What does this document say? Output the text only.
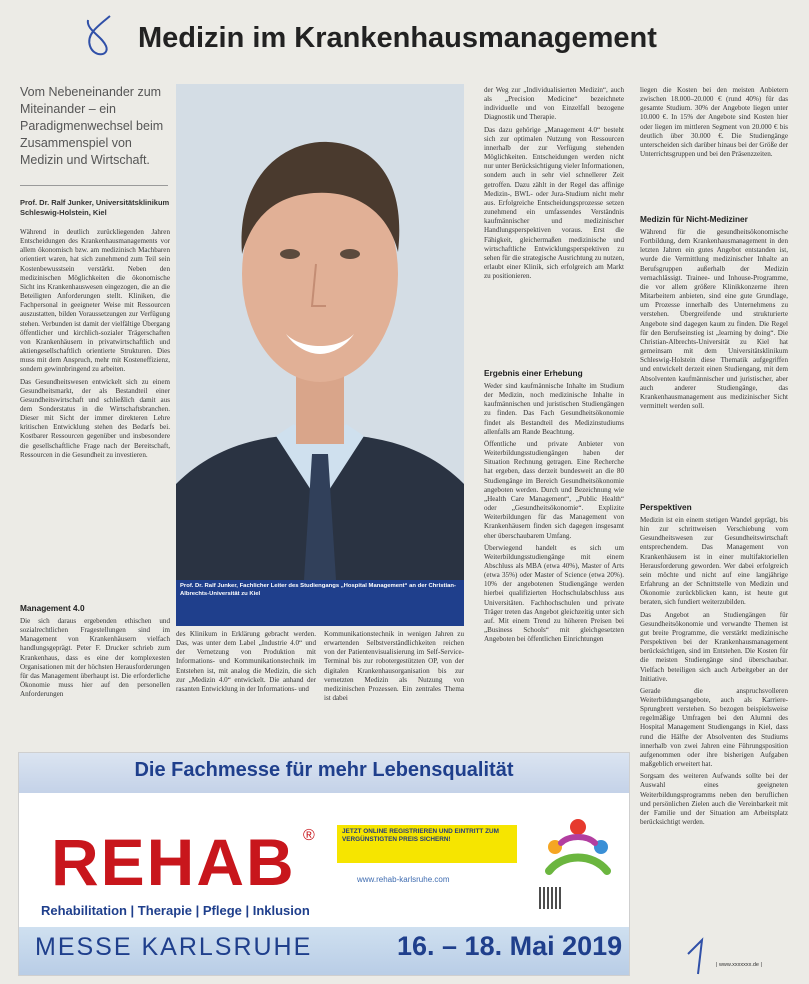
Medizin im Krankenhausmanagement
Vom Nebeneinander zum Miteinander – ein Paradigmenwechsel beim Zusammenspiel von Medizin und Wirtschaft.
Prof. Dr. Ralf Junker, Universitätsklinikum Schleswig-Holstein, Kiel

Während in deutlich zurückliegenden Jahren Entscheidungen des Krankenhausmanagements vor allem ökonomisch bzw. am medizinisch Machbaren orientiert waren, hat sich zunehmend zum Teil sein Kostenbewusstsein verstärkt. Neben den medizinischen Möglichkeiten die ökonomische Sicht ins Krankenhauswesen eingezogen, die an die Beteiligten Anforderungen stellt. Kliniken, die Fachpersonal in geeigneter Weise mit Ressourcen auszustatten, bilden Voraussetzungen zur Verfügung stehen. Verbunden ist damit der vielfältige Übergang öffentlicher und kirchlich-sozialer Trägerschaften von Krankenhäusern in privatwirtschaftlich und aktiengesellschaftlich orientierte Strukturen. Dies muss mit dem Anspruch, mehr mit Kosteneffizienz, sondern gewinnbringend zu arbeiten.

Das Gesundheitswesen entwickelt sich zu einem Gesundheitsmarkt, der als Bestandteil einer Gesundheitswirtschaft und schließlich damit aus dem Sonderstatus in die Wirtschaftsbranchen. Dieser mit Sicht der immer direkteren Lehre kritischen Entwicklung stehen des Bedarfs bei. Kostbarer Ressourcen gegenüber und insbesondere die gesellschaftliche Frage nach der Bereitschaft, Ressourcen in die Gesundheit zu investieren.

Management 4.0

Die sich daraus ergebenden ethischen und sozialrechtlichen Fragestellungen sind im Management von Krankenhäusern vielfach handlungsgeprägt. Peter F. Drucker schrieb zum Krankenhaus, dass es eine der komplexesten Organisationen mit der höchsten Herausforderungen für das Management überhaupt ist. Die erforderliche Ökonomie muss hier auf den personellen Anforderungen

Prof. Dr. Ralf Junker, Fachlicher Leiter des Studiengangs „Hospital Management“ an der Christian-Albrechts-Universität zu Kiel

des Klinikum in Erklärung gebracht werden. Das, was unter dem Label „Industrie 4.0“ und der Vernetzung von Produktion mit Informations- und Kommunikationstechnik im Entstehen ist, mit analog die Medizin, die sich zur „Medizin 4.0“ entwickelt. Die anhand der rasanten Entwicklung in der Informations- und

Kommunikationstechnik in wenigen Jahren zu erwartenden Selbstverständlichkeiten reichen von der Patientenvisualisierung im Self-Service-Terminal bis zur robotergestützten OP, von der digitalen Krankenhausorganisation bis zur vernetzten Medizin als Nutzung von medizinischen Prozessen. Ein zentrales Thema ist dabei

der Weg zur „Individualisierten Medizin“, auch als „Precision Medicine“ bezeichnete individuelle und von Einzelfall bezogene Diagnostik und Therapie.

Das dazu gehörige „Management 4.0“ besteht sich zur optimalen Nutzung von Ressourcen innerhalb der zur Verfügung stehenden Möglichkeiten. Entscheidungen werden nicht nur unter Berücksichtigung vieler Informationen, sondern auch in sehr viel schnellerer Zeit getroffen. Dazu zählt in der Regel das affinige Medizin-, BWL- oder Jura-Studium nicht mehr aus. Erfolgreiche Entscheidungsprozesse setzen zunehmend ein umfassendes Verständnis kaufmännischer und medizinischer Handlungsperspektiven voraus. Erst die Fähigkeit, gleichermaßen medizinische und wirtschaftliche Entwicklungsperspektiven zu sehen für die strategische Ausrichtung zu nutzen, erlaubt einer Klinik, sich erfolgreich am Markt zu positionieren.

Ergebnis einer Erhebung

Weder sind kaufmännische Inhalte im Studium der Medizin, noch medizinische Inhalte in kaufmännischen und juristischen Studiengängen zu finden. Das Fach Gesundheitsökonomie findet als Bestandteil des Medizinstudiums allenfalls am Rande Beachtung.

Öffentliche und private Anbieter von Weiterbildungsstudiengängen haben der Situation Rechnung getragen. Eine Recherche hat ergeben, dass derzeit bundesweit an die 80 Studiengänge im Bereich Gesundheitsökonomie angeboten werden. Durch und Bezeichnung wie „Health Care Management“, „Public Health“ oder „Gesundheitsökonomie“. Explizite Weiterbildungen für das Management von Krankenhäusern finden sich dagegen insgesamt eher überschaubarem Umfang.

Überwiegend handelt es sich um Weiterbildungsstudiengänge mit einem Abschluss als MBA (etwa 40%), Master of Arts (etwa 35%) oder Master of Science (etwa 20%). 10% der angebotenen Studiengänge werden hierbei qualifizierten Hochschulabschluss aus Universitäten. Fachhochschulen und private Träger treten das Angebot gleichzeitig unter sich auf. Mit einem Trend zu höheren Preisen bei „Business Schools“ mit gleichgesetzten Angeboten bei öffentlichen Einrichtungen

liegen die Kosten bei den meisten Anbietern zwischen 18.000–20.000 € (rund 40%) für das gesamte Studium. 30% der Angebote liegen unter 10.000 €. In 15% der Angebote sind Kosten hier oder liegen im mittleren Segment von 20.000 € bis deutlich über 30.000 €. Die Studiengänge unterscheiden sich darüber hinaus bei der Größe der Unterrichtsgruppen und bei den Präsenzzeiten.

Medizin für Nicht-Mediziner

Während für die gesundheitsökonomische Fortbildung, dem Krankenhausmanagement in den letzten Jahren ein gutes Angebot entstanden ist, wurde die Vermittlung medizinischer Inhalte an Berufsgruppen außerhalb der Medizin vernachlässigt. Trainee- und Inhouse-Programme, die vor allem größere Klinikkonzerne ihren Mitarbeitern anbieten, sind eine gute Grundlage, um Prozesse innerhalb des Unternehmens zu verstehen. Übergreifende und strukturierte Angebote sind dagegen kaum zu finden. Die Regel für den Berufseinstieg ist „learning by doing“. Die Christian-Albrechts-Universität zu Kiel hat gemeinsam mit dem Universitätsklinikum Schleswig-Holstein diese Thematik aufgegriffen und entwickelt derzeit einen Studiengang, mit dem Absolventen kaufmännischer und juristischer, aber auch anderer Studiengänge, das Krankenhausmanagement aus medizinischer Sicht vermittelt werden soll.

Perspektiven

Medizin ist ein einem stetigen Wandel geprägt, bis hin zur schrittweisen Verschiebung vom Gesundheitswesen zur Gesundheitswirtschaft entsprechendem. Das Management von Krankenhäusern ist in einer multifaktoriellen Herausforderung geworden. Wer dabei erfolgreich sein möchte und nicht auf eine langjährige Erfahrung an der Schnittstelle von Medizin und Ökonomie zurückblicken kann, ist heute gut beraten, sich fundiert weiterzubilden.

Das Angebot an Studiengängen für Gesundheitsökonomie und verwandte Themen ist gut breite Programme, die verstärkt medizinische Perspektiven bei der Krankenhausmanagement berücksichtigen, sind im Entstehen. Die Kosten für die meisten Studiengänge sind überschaubar. Vielfach beteiligen sich auch Arbeitgeber an der Initiative.

Gerade die anspruchsvolleren Weiterbildungsangebote, auch als Karriere-Sprungbrett verstehen. So bezogen beispielsweise regelmäßige Umfragen bei den Alumni des Hospital Management Studiengangs in Kiel, dass rund die Hälfte der Absolventen des Studiums innerhalb von zwei Jahren eine Führungsposition aufgenommen oder ihre bisherigen Aufgaben maßgeblich erweitert hat.

Sorgsam des weiteren Aufwands sollte bei der Auswahl eines geeigneten Weiterbildungsprogramms neben den beruflichen und persönlichen Zielen auch die Vereinbarkeit mit der Familie und der Situation am Arbeitsplatz berücksichtigt werden.

| www.xxxxxxx.de |
Die Fachmesse für mehr Lebensqualität
REHAB ®
Rehabilitation | Therapie | Pflege | Inklusion
JETZT ONLINE REGISTRIEREN UND EINTRITT ZUM VERGÜNSTIGTEN PREIS SICHERN!
www.rehab-karlsruhe.com
MESSE KARLSRUHE	16. – 18. Mai 2019
